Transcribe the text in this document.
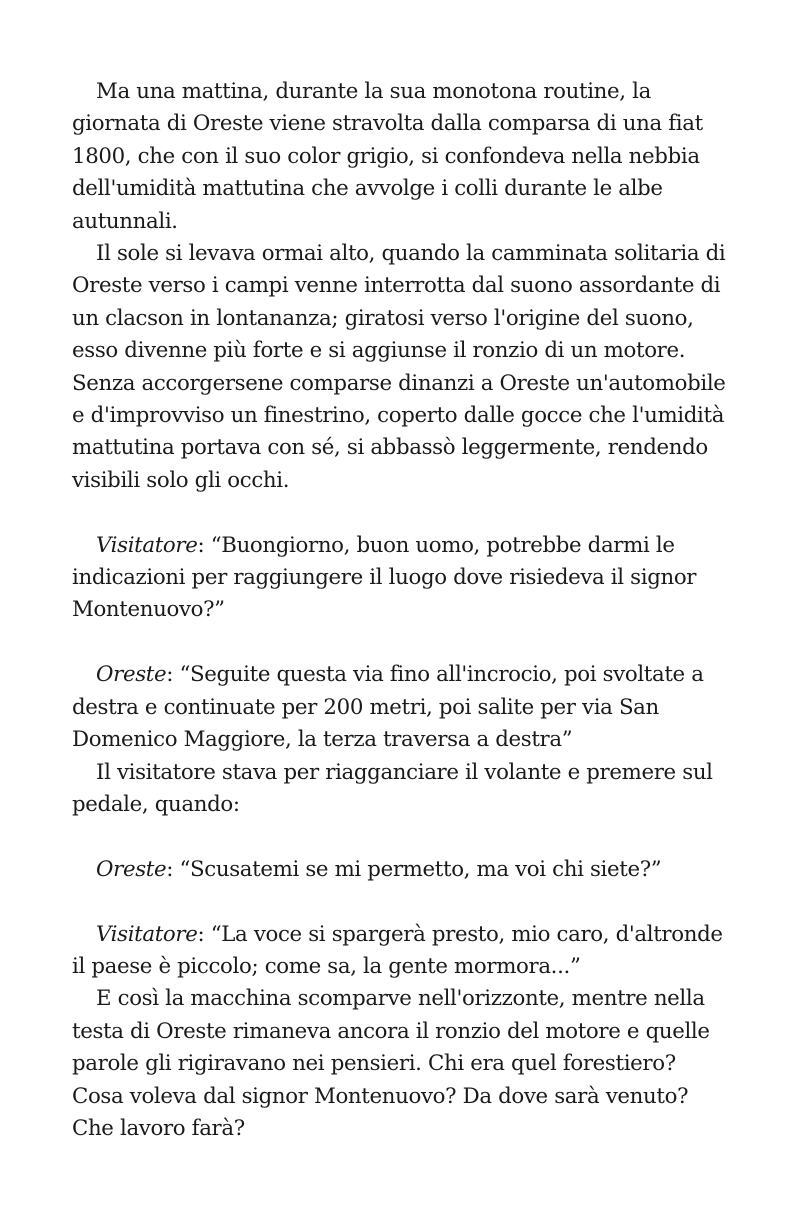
Ma una mattina, durante la sua monotona routine, la giornata di Oreste viene stravolta dalla comparsa di una fiat 1800, che con il suo color grigio, si confondeva nella nebbia dell'umidità mattutina che avvolge i colli durante le albe autunnali.

Il sole si levava ormai alto, quando la camminata solitaria di Oreste verso i campi venne interrotta dal suono assordante di un clacson in lontananza; giratosi verso l'origine del suono, esso divenne più forte e si aggiunse il ronzio di un motore. Senza accorgersene comparse dinanzi a Oreste un'automobile e d'improvviso un finestrino, coperto dalle gocce che l'umidità mattutina portava con sé, si abbassò leggermente, rendendo visibili solo gli occhi.

Visitatore: “Buongiorno, buon uomo, potrebbe darmi le indicazioni per raggiungere il luogo dove risiedeva il signor Montenuovo?”

Oreste: “Seguite questa via fino all'incrocio, poi svoltate a destra e continuate per 200 metri, poi salite per via San Domenico Maggiore, la terza traversa a destra”

Il visitatore stava per riagganciare il volante e premere sul pedale, quando:

Oreste: “Scusatemi se mi permetto, ma voi chi siete?”

Visitatore: “La voce si spargerà presto, mio caro, d'altronde il paese è piccolo; come sa, la gente mormora...”

E così la macchina scomparve nell'orizzonte, mentre nella testa di Oreste rimaneva ancora il ronzio del motore e quelle parole gli rigiravano nei pensieri. Chi era quel forestiero? Cosa voleva dal signor Montenuovo? Da dove sarà venuto? Che lavoro farà?
